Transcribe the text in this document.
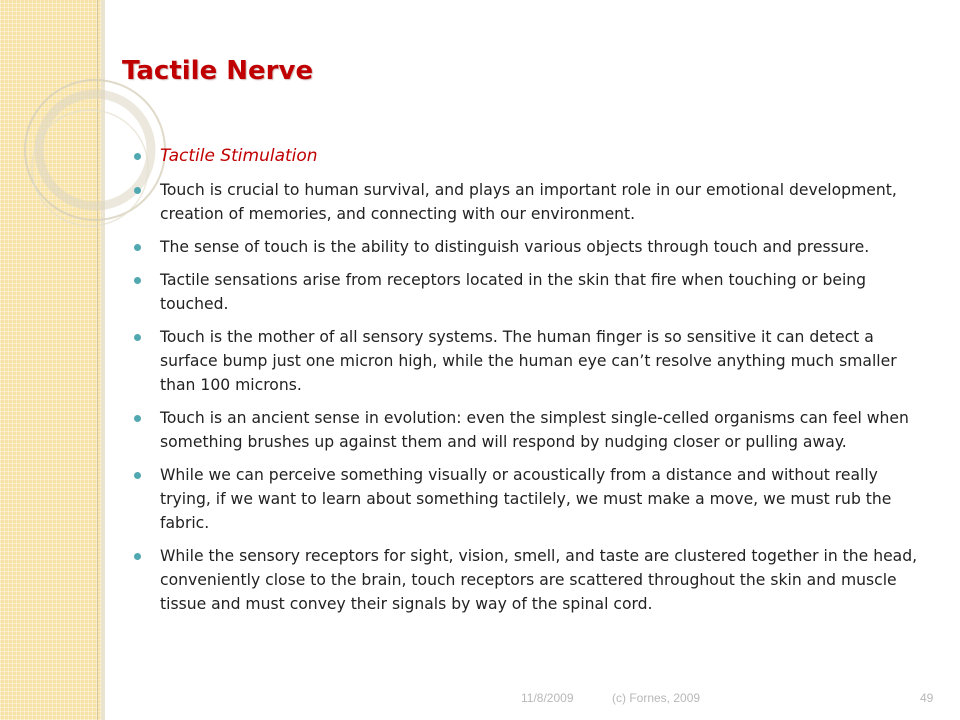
Tactile Nerve
Tactile Stimulation
Touch is crucial to human survival, and plays an important role in our emotional development, creation of memories, and connecting with our environment.
The sense of touch is the ability to distinguish various objects through touch and pressure.
Tactile sensations arise from receptors located in the skin that fire when touching or being touched.
Touch is the mother of all sensory systems. The human finger is so sensitive it can detect a surface bump just one micron high, while the human eye can’t resolve anything much smaller than 100 microns.
Touch is an ancient sense in evolution: even the simplest single-celled organisms can feel when something brushes up against them and will respond by nudging closer or pulling away.
While we can perceive something visually or acoustically from a distance and without really trying, if we want to learn about something tactilely, we must make a move, we must rub the fabric.
While the sensory receptors for sight, vision, smell, and taste are clustered together in the head, conveniently close to the brain, touch receptors are scattered throughout the skin and muscle tissue and must convey their signals by way of the spinal cord.
11/8/2009	(c) Fornes, 2009	49
